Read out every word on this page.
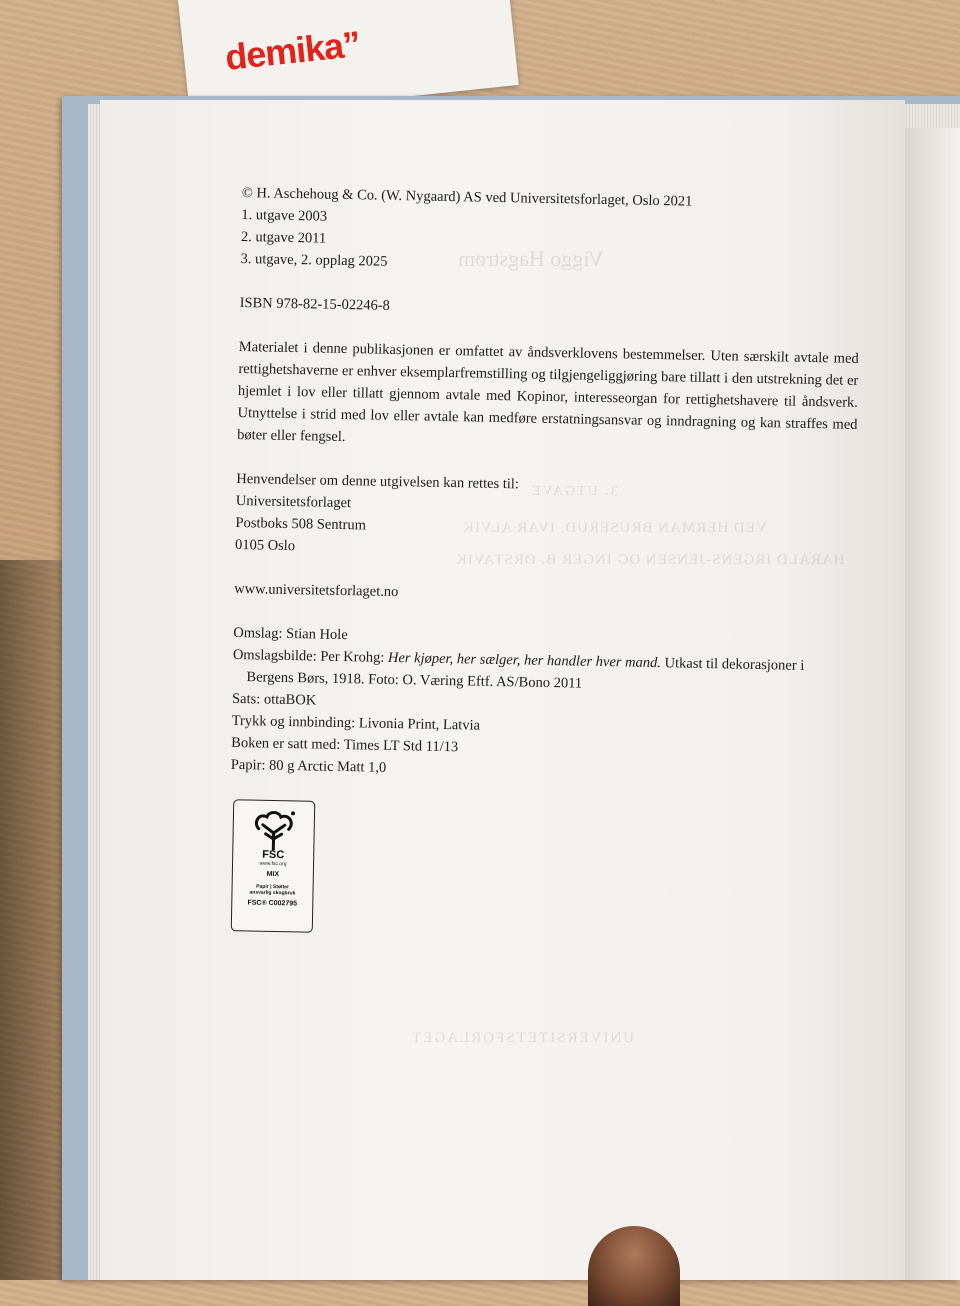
demika”
Viggo Hagstrøm
3. UTGAVE
VED HERMAN BRUSERUD, IVAR ALVIK
HARALD IRGENS-JENSEN OG INGER B. ØRSTAVIK
UNIVERSITETSFORLAGET

© H. Aschehoug & Co. (W. Nygaard) AS ved Universitetsforlaget, Oslo 2021

1. utgave 2003

2. utgave 2011

3. utgave, 2. opplag 2025

ISBN 978-82-15-02246-8

Materialet i denne publikasjonen er omfattet av åndsverklovens bestemmelser. Uten særskilt avtale med rettighetshaverne er enhver eksemplarfremstilling og tilgjengeliggjøring bare tillatt i den utstrekning det er hjemlet i lov eller tillatt gjennom avtale med Kopinor, interesseorgan for rettighetshavere til åndsverk. Utnyttelse i strid med lov eller avtale kan medføre erstatningsansvar og inndragning og kan straffes med bøter eller fengsel.

Henvendelser om denne utgivelsen kan rettes til:

Universitetsforlaget

Postboks 508 Sentrum

0105 Oslo

www.universitetsforlaget.no

Omslag: Stian Hole

Omslagsbilde: Per Krohg: Her kjøper, her sælger, her handler hver mand. Utkast til dekorasjoner i

Bergens Børs, 1918. Foto: O. Væring Eftf. AS/Bono 2011

Sats: ottaBOK

Trykk og innbinding: Livonia Print, Latvia

Boken er satt med: Times LT Std 11/13

Papir: 80 g Arctic Matt 1,0

FSC
www.fsc.org
MIX
Papir | Støtter
ansvarlig skogbruk
FSC® C002795
